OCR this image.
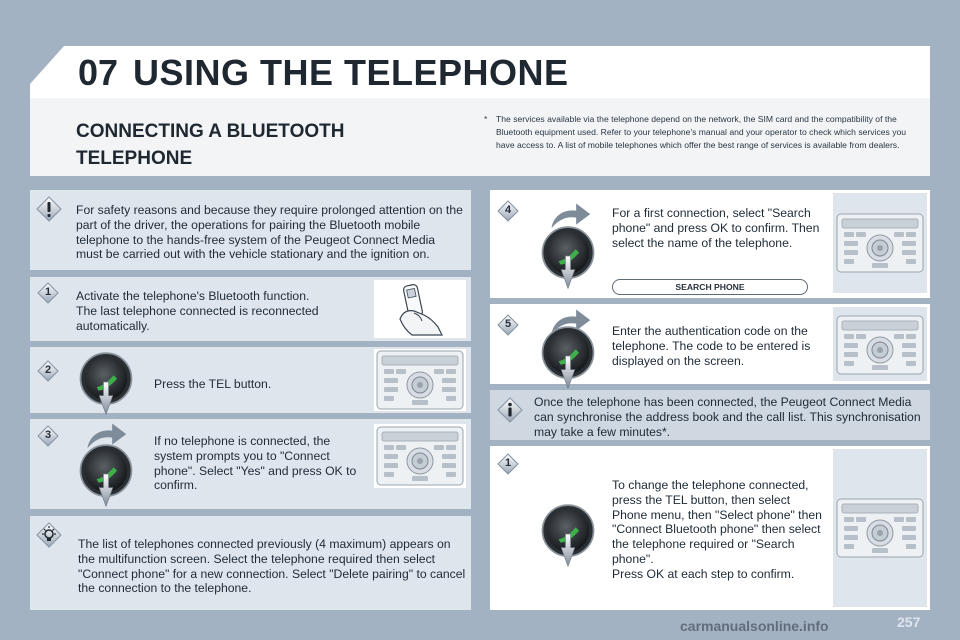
07 USING THE TELEPHONE
CONNECTING A BLUETOOTH TELEPHONE
* The services available via the telephone depend on the network, the SIM card and the compatibility of the Bluetooth equipment used. Refer to your telephone's manual and your operator to check which services you have access to. A list of mobile telephones which offer the best range of services is available from dealers.
For safety reasons and because they require prolonged attention on the part of the driver, the operations for pairing the Bluetooth mobile telephone to the hands-free system of the Peugeot Connect Media must be carried out with the vehicle stationary and the ignition on.
1	Activate the telephone's Bluetooth function.
The last telephone connected is reconnected automatically.
2
Press the TEL button.
3	If no telephone is connected, the system prompts you to "Connect phone". Select "Yes" and press OK to confirm.
The list of telephones connected previously (4 maximum) appears on the multifunction screen. Select the telephone required then select "Connect phone" for a new connection. Select "Delete pairing" to cancel the connection to the telephone.
4	For a first connection, select "Search phone" and press OK to confirm. Then select the name of the telephone.
SEARCH PHONE
5	Enter the authentication code on the telephone. The code to be entered is displayed on the screen.
Once the telephone has been connected, the Peugeot Connect Media can synchronise the address book and the call list. This synchronisation may take a few minutes*.
1
To change the telephone connected, press the TEL button, then select Phone menu, then "Select phone" then "Connect Bluetooth phone" then select the telephone required or "Search phone".
Press OK at each step to confirm.
carmanualsonline.info	257
